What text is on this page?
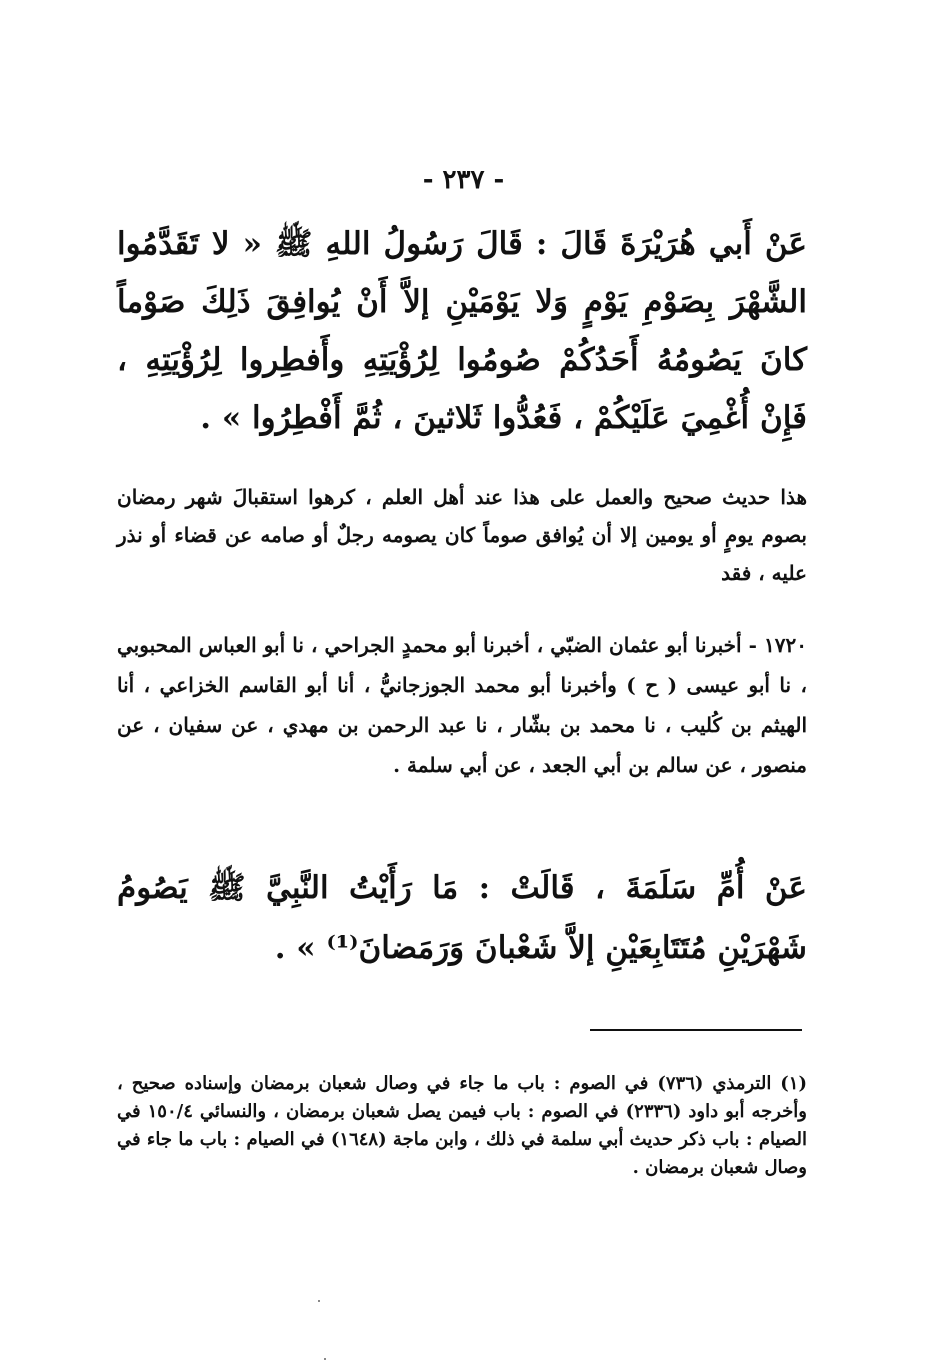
- ٢٣٧ -
عَنْ أَبي هُرَيْرَةَ قَالَ : قَالَ رَسُولُ اللهِ ﷺ « لا تَقَدَّمُوا الشَّهْرَ بِصَوْمِ يَوْمٍ وَلا يَوْمَيْنِ إلاَّ أَنْ يُوافِقَ ذَلِكَ صَوْماً كانَ يَصُومُهُ أَحَدُكُمْ صُومُوا لِرُؤْيَتِهِ وأَفطِروا لِرُؤْيَتِهِ ، فَإِنْ أُغْمِيَ عَلَيْكُمْ ، فَعُدُّوا ثَلاثينَ ، ثُمَّ أَفْطِرُوا » .
هذا حديث صحيح والعمل على هذا عند أهل العلم ، كرهوا استقبالَ شهر رمضان بصوم يومٍ أو يومين إلا أن يُوافق صوماً كان يصومه رجلٌ أو صامه عن قضاء أو نذر عليه ، فقد
١٧٢٠ - أخبرنا أبو عثمان الضبّي ، أخبرنا أبو محمدٍ الجراحي ، نا أبو العباس المحبوبي ، نا أبو عيسى ( ح ) وأخبرنا أبو محمد الجوزجانيُّ ، أنا أبو القاسم الخزاعي ، أنا الهيثم بن كُليب ، نا محمد بن بشّار ، نا عبد الرحمن بن مهدي ، عن سفيان ، عن منصور ، عن سالم بن أبي الجعد ، عن أبي سلمة .
عَنْ أُمِّ سَلَمَةَ ، قَالَتْ : مَا رَأَيْتُ النَّبِيَّ ﷺ يَصُومُ شَهْرَيْنِ مُتَتَابِعَيْنِ إلاَّ شَعْبانَ وَرَمَضانَ⁽¹⁾ » .
(١) الترمذي (٧٣٦) في الصوم : باب ما جاء في وصال شعبان برمضان وإسناده صحيح ، وأخرجه أبو داود (٢٣٣٦) في الصوم : باب فيمن يصل شعبان برمضان ، والنسائي ١٥٠/٤ في الصيام : باب ذكر حديث أبي سلمة في ذلك ، وابن ماجة (١٦٤٨) في الصيام : باب ما جاء في وصال شعبان برمضان .
